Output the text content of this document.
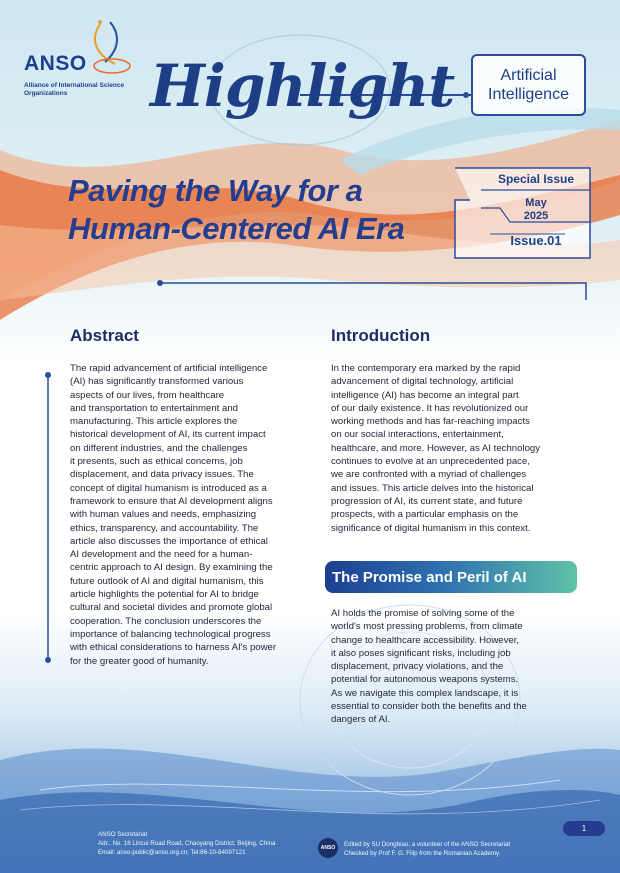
ANSO
Alliance of International Science Organizations	Highlight	Artificial
Intelligence
Paving the Way for a
Human-Centered AI Era
Special Issue
May
2025
Issue.01
Abstract
The rapid advancement of artificial intelligence
(AI) has significantly transformed various
aspects of our lives, from healthcare
and transportation to entertainment and
manufacturing. This article explores the
historical development of AI, its current impact
on different industries, and the challenges
it presents, such as ethical concerns, job
displacement, and data privacy issues. The
concept of digital humanism is introduced as a
framework to ensure that AI development aligns
with human values and needs, emphasizing
ethics, transparency, and accountability. The
article also discusses the importance of ethical
AI development and the need for a human-
centric approach to AI design. By examining the
future outlook of AI and digital humanism, this
article highlights the potential for AI to bridge
cultural and societal divides and promote global
cooperation. The conclusion underscores the
importance of balancing technological progress
with ethical considerations to harness AI's power
for the greater good of humanity.
Introduction
In the contemporary era marked by the rapid
advancement of digital technology, artificial
intelligence (AI) has become an integral part
of our daily existence. It has revolutionized our
working methods and has far-reaching impacts
on our social interactions, entertainment,
healthcare, and more. However, as AI technology
continues to evolve at an unprecedented pace,
we are confronted with a myriad of challenges
and issues. This article delves into the historical
progression of AI, its current state, and future
prospects, with a particular emphasis on the
significance of digital humanism in this context.
The Promise and Peril of AI
AI holds the promise of solving some of the
world's most pressing problems, from climate
change to healthcare accessibility. However,
it also poses significant risks, including job
displacement, privacy violations, and the
potential for autonomous weapons systems.
As we navigate this complex landscape, it is
essential to consider both the benefits and the
dangers of AI.
ANSO Secretariat
Adr.: No. 16 Lincui Road Road, Chaoyang District, Beijing, China
Email: anso-public@anso.org.cn; Tel:86-10-84097121
ANSO	Edited by SU Dongbiao, a volunteer of the ANSO Secretariat
Checked by Prof F. G. Filip from the Romanian Academy.
1
